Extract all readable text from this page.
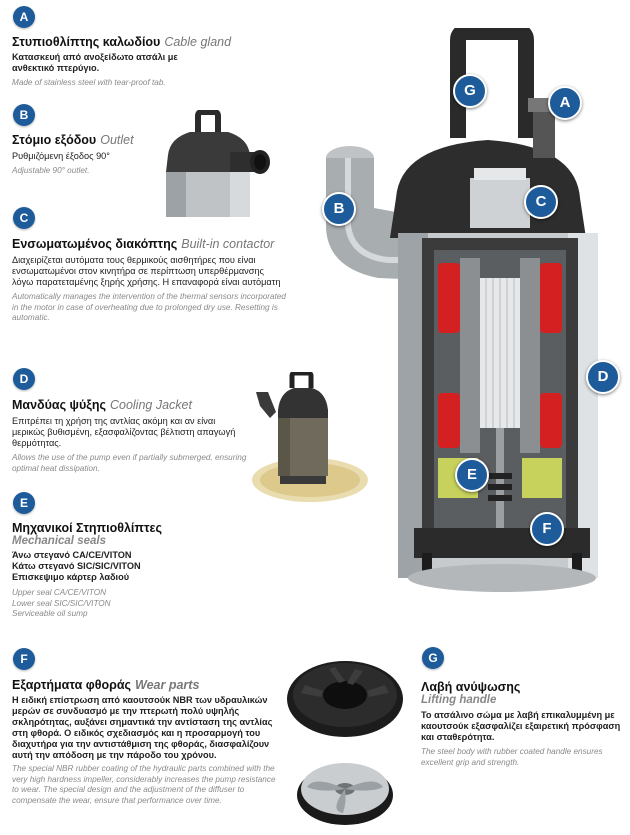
A
Στυπιοθλίπτης καλωδίου Cable gland
Κατασκευή από ανοξείδωτο ατσάλι με ανθεκτικό πτερύγιο.
Made of stainless steel with tear-proof tab.
B
Στόμιο εξόδου Outlet
Ρυθμιζόμενη έξοδος 90°
Adjustable 90° outlet.
C
Ενσωματωμένος διακόπτης Built-in contactor
Διαχειρίζεται αυτόματα τους θερμικούς αισθητήρες που είναι ενσωματωμένοι στον κινητήρα σε περίπτωση υπερθέρμανσης λόγω παρατεταμένης ξηρής χρήσης. Η επαναφορά είναι αυτόματη
Automatically manages the intervention of the thermal sensors incorporated in the motor in case of overheating due to prolonged dry use. Resetting is automatic.
D
Μανδύας ψύξης Cooling Jacket
Επιτρέπει τη χρήση της αντλίας ακόμη και αν είναι μερικώς βυθισμένη, εξασφαλίζοντας βέλτιστη απαγωγή θερμότητας.
Allows the use of the pump even if partially submerged, ensuring optimal heat dissipation.
E
Μηχανικοί Στηπιοθλίπτες
Mechanical seals
Άνω στεγανό CA/CE/VITON
Κάτω στεγανό SIC/SIC/VITON
Επισκεψιμο κάρτερ λαδιού
Upper seal CA/CE/VITON
Lower seal SIC/SIC/VITON
Serviceable oil sump
F
Εξαρτήματα φθοράς Wear parts
Η ειδική επίστρωση από καουτσούκ NBR των υδραυλικών μερών σε συνδυασμό με την πτερωτή πολύ υψηλής σκληρότητας, αυξάνει σημαντικά την αντίσταση της αντλίας στη φθορά. Ο ειδικός σχεδιασμός και η προσαρμογή του διαχυτήρα για την αντιστάθμιση της φθοράς, διασφαλίζουν αυτή την απόδοση με την πάροδο του χρόνου.
The special NBR rubber coating of the hydraulic parts combined with the very high hardness impeller, considerably increases the pump resistance to wear. The special design and the adjustment of the diffuser to compensate the wear, ensure that performance over time.
G
Λαβή ανύψωσης
Lifting handle
Το ατσάλινο σώμα με λαβή επικαλυμμένη με καουτσούκ εξασφαλίζει εξαιρετική πρόσφαση και σταθερότητα.
The steel body with rubber coated handle ensures excellent grip and strength.
A
B	C
D
E
F
G
